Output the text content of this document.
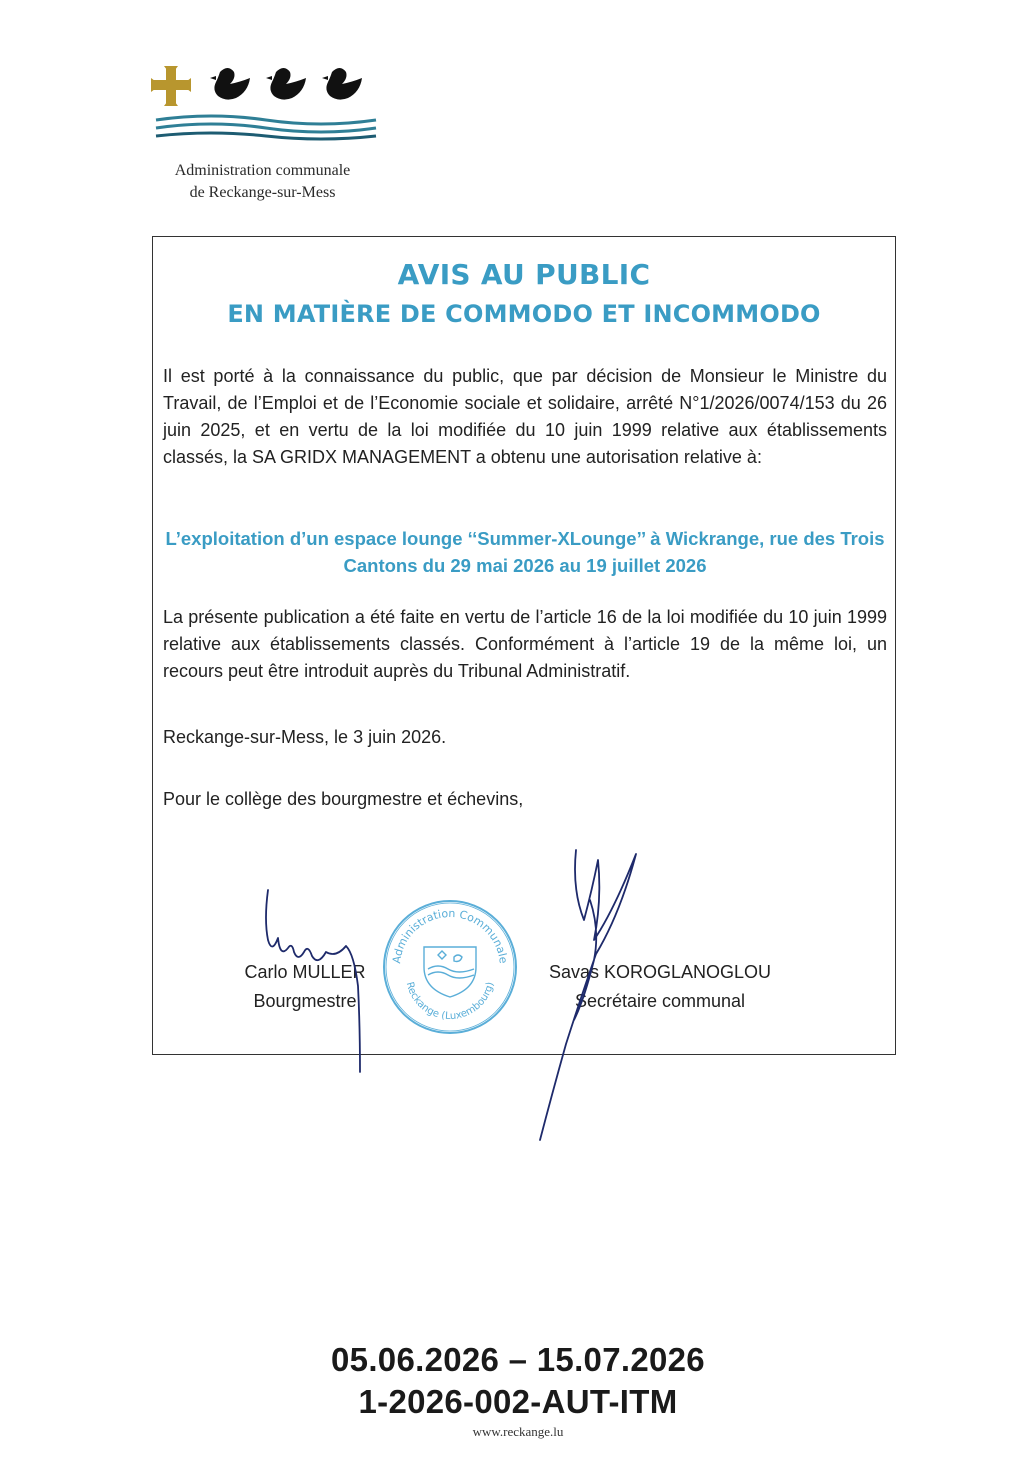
Administration communale
de Reckange-sur-Mess
AVIS AU PUBLIC
EN MATIÈRE DE COMMODO ET INCOMMODO
Il est porté à la connaissance du public, que par décision de Monsieur le Ministre du Travail, de l’Emploi et de l’Economie sociale et solidaire, arrêté N°1/2026/0074/153 du 26 juin 2025, et en vertu de la loi modifiée du 10 juin 1999 relative aux établissements classés, la SA GRIDX MANAGEMENT a obtenu une autorisation relative à:
L’exploitation d’un espace lounge ‘‘Summer-XLounge’’ à Wickrange, rue des Trois Cantons du 29 mai 2026 au 19 juillet 2026
La présente publication a été faite en vertu de l’article 16 de la loi modifiée du 10 juin 1999 relative aux établissements classés. Conformément à l’article 19 de la même loi, un recours peut être introduit auprès du Tribunal Administratif.
Reckange-sur-Mess, le 3 juin 2026.
Pour le collège des bourgmestre et échevins,
Administration Communale
Reckange (Luxembourg)
Carlo MULLER
Bourgmestre
Savas KOROGLANOGLOU
Secrétaire communal
05.06.2026 – 15.07.2026
1-2026-002-AUT-ITM
www.reckange.lu
